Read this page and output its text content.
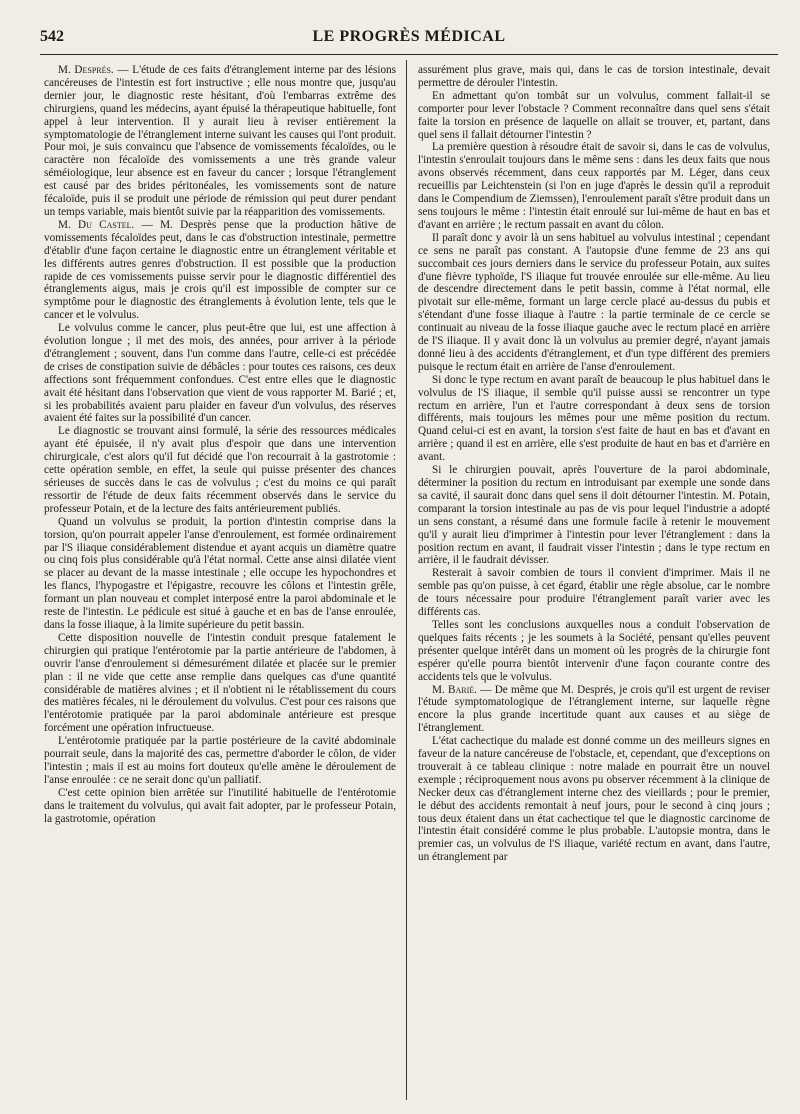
542	LE PROGRÈS MÉDICAL

M. Després. — L'étude de ces faits d'étranglement interne par des lésions cancéreuses de l'intestin est fort instructive ; elle nous montre que, jusqu'au dernier jour, le diagnostic reste hésitant, d'où l'embarras extrême des chirurgiens, quand les médecins, ayant épuisé la thérapeutique habituelle, font appel à leur intervention. Il y aurait lieu à reviser entièrement la symptomatologie de l'étranglement interne suivant les causes qui l'ont produit. Pour moi, je suis convaincu que l'absence de vomissements fécaloïdes, ou le caractère non fécaloïde des vomissements a une très grande valeur séméiologique, leur absence est en faveur du cancer ; lorsque l'étranglement est causé par des brides péritonéales, les vomissements sont de nature fécaloïde, puis il se produit une période de rémission qui peut durer pendant un temps variable, mais bientôt suivie par la réapparition des vomissements.

M. Du Castel. — M. Desprès pense que la production hâtive de vomissements fécaloïdes peut, dans le cas d'obstruction intestinale, permettre d'établir d'une façon certaine le diagnostic entre un étranglement véritable et les différents autres genres d'obstruction. Il est possible que la production rapide de ces vomissements puisse servir pour le diagnostic différentiel des étranglements aigus, mais je crois qu'il est impossible de compter sur ce symptôme pour le diagnostic des étranglements à évolution lente, tels que le cancer et le volvulus.

Le volvulus comme le cancer, plus peut-être que lui, est une affection à évolution longue ; il met des mois, des années, pour arriver à la période d'étranglement ; souvent, dans l'un comme dans l'autre, celle-ci est précédée de crises de constipation suivie de débâcles : pour toutes ces raisons, ces deux affections sont fréquemment confondues. C'est entre elles que le diagnostic avait été hésitant dans l'observation que vient de vous rapporter M. Barié ; et, si les probabilités avaient paru plaider en faveur d'un volvulus, des réserves avaient été faites sur la possibilité d'un cancer.

Le diagnostic se trouvant ainsi formulé, la série des ressources médicales ayant été épuisée, il n'y avait plus d'espoir que dans une intervention chirurgicale, c'est alors qu'il fut décidé que l'on recourrait à la gastrotomie : cette opération semble, en effet, la seule qui puisse présenter des chances sérieuses de succès dans le cas de volvulus ; c'est du moins ce qui paraît ressortir de l'étude de deux faits récemment observés dans le service du professeur Potain, et de la lecture des faits antérieurement publiés.

Quand un volvulus se produit, la portion d'intestin comprise dans la torsion, qu'on pourrait appeler l'anse d'enroulement, est formée ordinairement par l'S iliaque considérablement distendue et ayant acquis un diamètre quatre ou cinq fois plus considérable qu'à l'état normal. Cette anse ainsi dilatée vient se placer au devant de la masse intestinale ; elle occupe les hypochondres et les flancs, l'hypogastre et l'épigastre, recouvre les côlons et l'intestin grêle, formant un plan nouveau et complet interposé entre la paroi abdominale et le reste de l'intestin. Le pédicule est situé à gauche et en bas de l'anse enroulée, dans la fosse iliaque, à la limite supérieure du petit bassin.

Cette disposition nouvelle de l'intestin conduit presque fatalement le chirurgien qui pratique l'entérotomie par la partie antérieure de l'abdomen, à ouvrir l'anse d'enroulement si démesurément dilatée et placée sur le premier plan : il ne vide que cette anse remplie dans quelques cas d'une quantité considérable de matières alvines ; et il n'obtient ni le rétablissement du cours des matières fécales, ni le déroulement du volvulus. C'est pour ces raisons que l'entérotomie pratiquée par la paroi abdominale antérieure est presque forcément une opération infructueuse.

L'entérotomie pratiquée par la partie postérieure de la cavité abdominale pourrait seule, dans la majorité des cas, permettre d'aborder le côlon, de vider l'intestin ; mais il est au moins fort douteux qu'elle amène le déroulement de l'anse enroulée : ce ne serait donc qu'un palliatif.

C'est cette opinion bien arrêtée sur l'inutilité habituelle de l'entérotomie dans le traitement du volvulus, qui avait fait adopter, par le professeur Potain, la gastrotomie, opération

assurément plus grave, mais qui, dans le cas de torsion intestinale, devait permettre de dérouler l'intestin.

En admettant qu'on tombât sur un volvulus, comment fallait-il se comporter pour lever l'obstacle ? Comment reconnaître dans quel sens s'était faite la torsion en présence de laquelle on allait se trouver, et, partant, dans quel sens il fallait détourner l'intestin ?

La première question à résoudre était de savoir si, dans le cas de volvulus, l'intestin s'enroulait toujours dans le même sens : dans les deux faits que nous avons observés récemment, dans ceux rapportés par M. Léger, dans ceux recueillis par Leichtenstein (si l'on en juge d'après le dessin qu'il a reproduit dans le Compendium de Ziemssen), l'enroulement paraît s'être produit dans un sens toujours le même : l'intestin était enroulé sur lui-même de haut en bas et d'avant en arrière ; le rectum passait en avant du côlon.

Il paraît donc y avoir là un sens habituel au volvulus intestinal ; cependant ce sens ne paraît pas constant. A l'autopsie d'une femme de 23 ans qui succombait ces jours derniers dans le service du professeur Potain, aux suites d'une fièvre typhoïde, l'S iliaque fut trouvée enroulée sur elle-même. Au lieu de descendre directement dans le petit bassin, comme à l'état normal, elle pivotait sur elle-même, formant un large cercle placé au-dessus du pubis et s'étendant d'une fosse iliaque à l'autre : la partie terminale de ce cercle se continuait au niveau de la fosse iliaque gauche avec le rectum placé en arrière de l'S iliaque. Il y avait donc là un volvulus au premier degré, n'ayant jamais donné lieu à des accidents d'étranglement, et d'un type différent des premiers puisque le rectum était en arrière de l'anse d'enroulement.

Si donc le type rectum en avant paraît de beaucoup le plus habituel dans le volvulus de l'S iliaque, il semble qu'il puisse aussi se rencontrer un type rectum en arrière, l'un et l'autre correspondant à deux sens de torsion différents, mais toujours les mêmes pour une même position du rectum. Quand celui-ci est en avant, la torsion s'est faite de haut en bas et d'avant en arrière ; quand il est en arrière, elle s'est produite de haut en bas et d'arrière en avant.

Si le chirurgien pouvait, après l'ouverture de la paroi abdominale, déterminer la position du rectum en introduisant par exemple une sonde dans sa cavité, il saurait donc dans quel sens il doit détourner l'intestin. M. Potain, comparant la torsion intestinale au pas de vis pour lequel l'industrie a adopté un sens constant, a résumé dans une formule facile à retenir le mouvement qu'il y aurait lieu d'imprimer à l'intestin pour lever l'étranglement : dans la position rectum en avant, il faudrait visser l'intestin ; dans le type rectum en arrière, il le faudrait dévisser.

Resterait à savoir combien de tours il convient d'imprimer. Mais il ne semble pas qu'on puisse, à cet égard, établir une règle absolue, car le nombre de tours nécessaire pour produire l'étranglement paraît varier avec les différents cas.

Telles sont les conclusions auxquelles nous a conduit l'observation de quelques faits récents ; je les soumets à la Société, pensant qu'elles peuvent présenter quelque intérêt dans un moment où les progrès de la chirurgie font espérer qu'elle pourra bientôt intervenir d'une façon courante contre des accidents tels que le volvulus.

M. Barié. — De même que M. Després, je crois qu'il est urgent de reviser l'étude symptomatologique de l'étranglement interne, sur laquelle règne encore la plus grande incertitude quant aux causes et au siège de l'étranglement.

L'état cachectique du malade est donné comme un des meilleurs signes en faveur de la nature cancéreuse de l'obstacle, et, cependant, que d'exceptions on trouverait à ce tableau clinique : notre malade en pourrait être un nouvel exemple ; réciproquement nous avons pu observer récemment à la clinique de Necker deux cas d'étranglement interne chez des vieillards ; pour le premier, le début des accidents remontait à neuf jours, pour le second à cinq jours ; tous deux étaient dans un état cachectique tel que le diagnostic carcinome de l'intestin était considéré comme le plus probable. L'autopsie montra, dans le premier cas, un volvulus de l'S iliaque, variété rectum en avant, dans l'autre, un étranglement par
